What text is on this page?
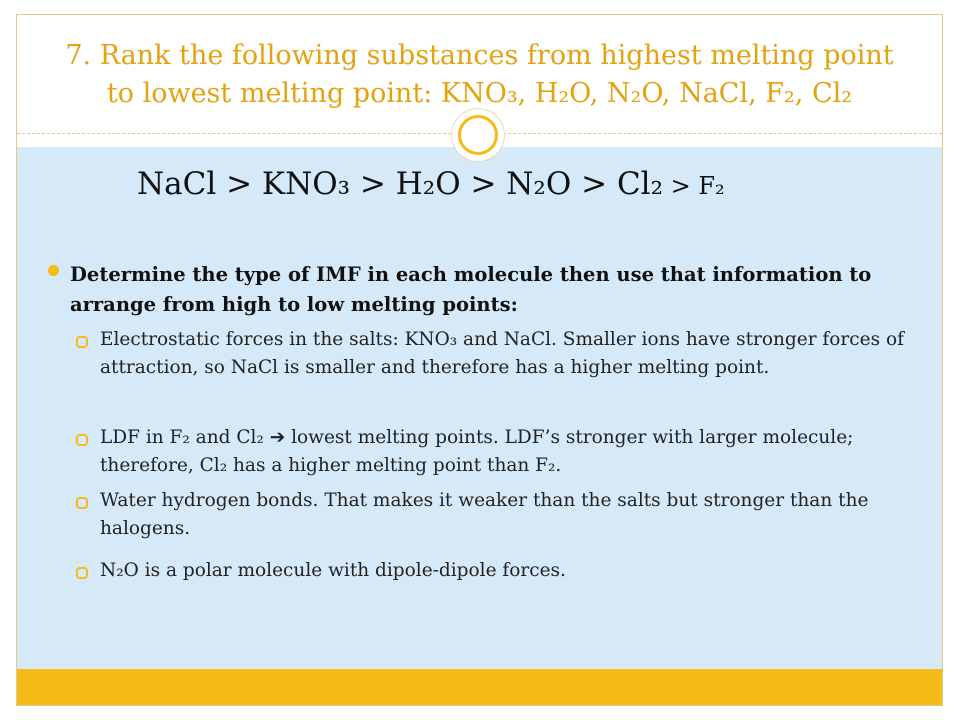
7. Rank the following substances from highest melting point
to lowest melting point: KNO₃, H₂O, N₂O, NaCl, F₂, Cl₂

NaCl > KNO₃ > H₂O > N₂O > Cl₂ > F₂

Determine the type of IMF in each molecule then use that information to arrange from high to low melting points:

Electrostatic forces in the salts: KNO₃ and NaCl. Smaller ions have stronger forces of attraction, so NaCl is smaller and therefore has a higher melting point.

LDF in F₂ and Cl₂ ➔ lowest melting points. LDF’s stronger with larger molecule; therefore, Cl₂ has a higher melting point than F₂.

Water hydrogen bonds. That makes it weaker than the salts but stronger than the halogens.

N₂O is a polar molecule with dipole-dipole forces.
